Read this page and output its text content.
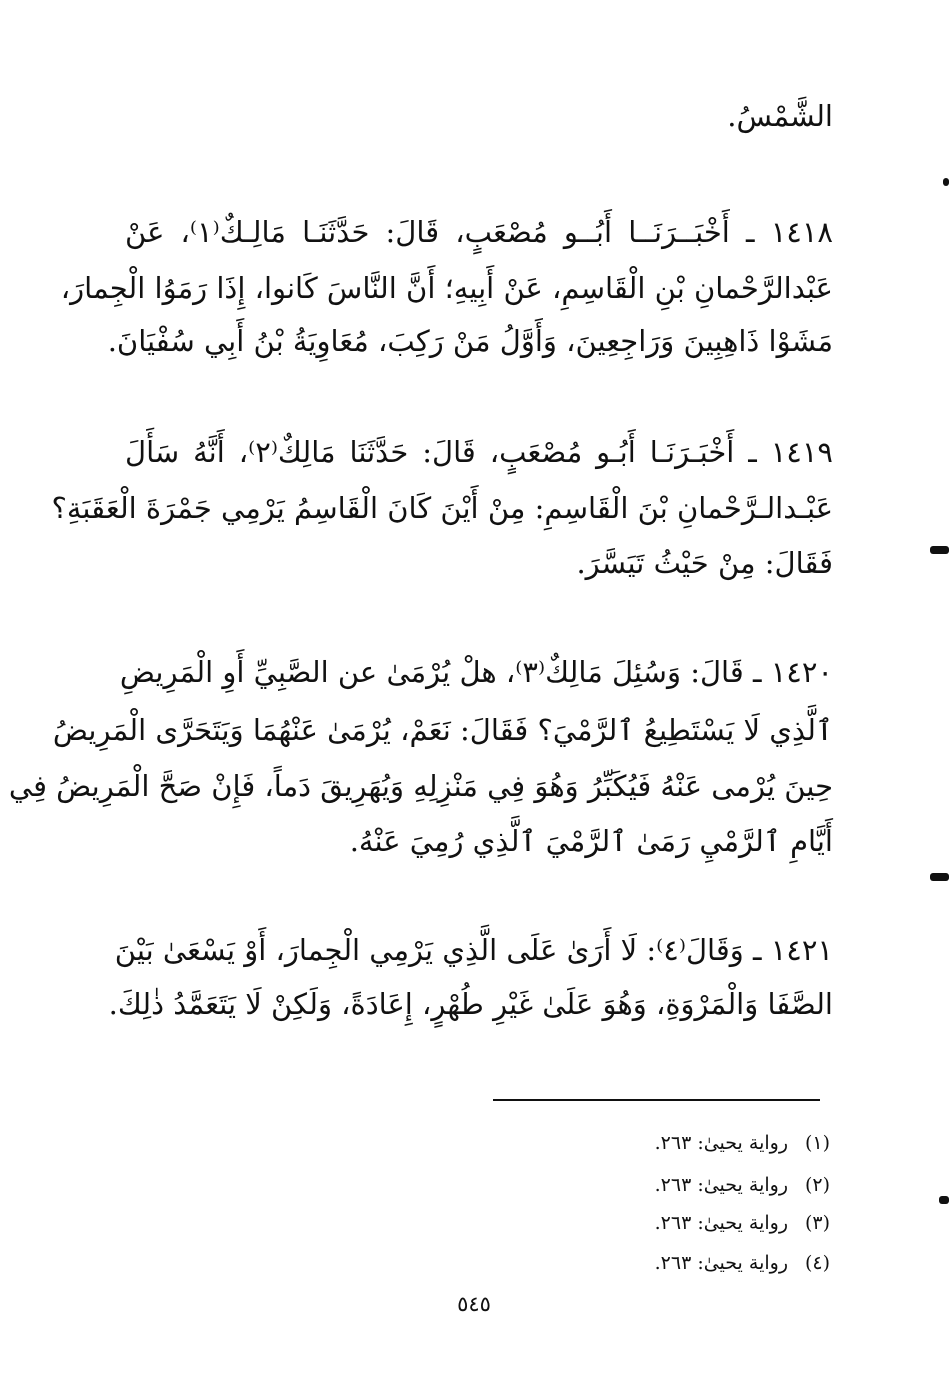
الشَّمْسُ.
١٤١٨ ـ أَخْبَــرَنَــا أَبُــو مُصْعَبٍ، قَالَ: حَدَّثَنَـا مَالِـكٌ⁽١⁾، عَنْ
عَبْدالرَّحْمانِ بْنِ الْقَاسِمِ، عَنْ أَبِيهِ؛ أَنَّ النَّاسَ كَانوا، إِذَا رَمَوُا الْجِمارَ،
مَشَوْا ذَاهِبِينَ وَرَاجِعِينَ، وَأَوَّلُ مَنْ رَكِبَ، مُعَاوِيَةُ بْنُ أَبِي سُفْيَانَ.
١٤١٩ ـ أَخْبَـرَنَـا أَبُـو مُصْعَبٍ، قَالَ: حَدَّثَنَا مَالِكٌ⁽٢⁾، أَنَّهُ سَأَلَ
عَبْـدالـرَّحْمانِ بْنَ الْقَاسِمِ: مِنْ أَيْنَ كَانَ الْقَاسِمُ يَرْمِي جَمْرَةَ الْعَقَبَةِ؟
فَقَالَ: مِنْ حَيْثُ تَيَسَّرَ.
١٤٢٠ ـ قَالَ: وَسُئِلَ مَالِكٌ⁽٣⁾، هلْ يُرْمَىٰ عن الصَّبِيِّ أَوِ الْمَرِيضِ
ٱلَّذِي لَا يَسْتَطِيعُ ٱلرَّمْيَ؟ فَقَالَ: نَعَمْ، يُرْمَىٰ عَنْهُمَا وَيَتَحَرَّى الْمَرِيضُ
حِينَ يُرْمى عَنْهُ فَيُكَبِّرُ وَهُوَ فِي مَنْزِلِهِ وَيُهَرِيقَ دَماً، فَإِنْ صَحَّ الْمَرِيضُ فِي
أَيَّامِ ٱلرَّمْيِ رَمَىٰ ٱلرَّمْيَ ٱلَّذِي رُمِيَ عَنْهُ.
١٤٢١ ـ وَقَالَ⁽٤⁾: لَا أَرَىٰ عَلَى الَّذِي يَرْمِي الْجِمارَ، أَوْ يَسْعَىٰ بَيْنَ
الصَّفَا وَالْمَرْوَةِ، وَهُوَ عَلَىٰ غَيْرِ طُهْرٍ، إِعَادَةً، وَلَكِنْ لَا يَتَعَمَّدُ ذٰلِكَ.
(١)رواية يحيىٰ: ٢٦٣.
(٢)رواية يحيىٰ: ٢٦٣.
(٣)رواية يحيىٰ: ٢٦٣.
(٤)رواية يحيىٰ: ٢٦٣.
٥٤٥
